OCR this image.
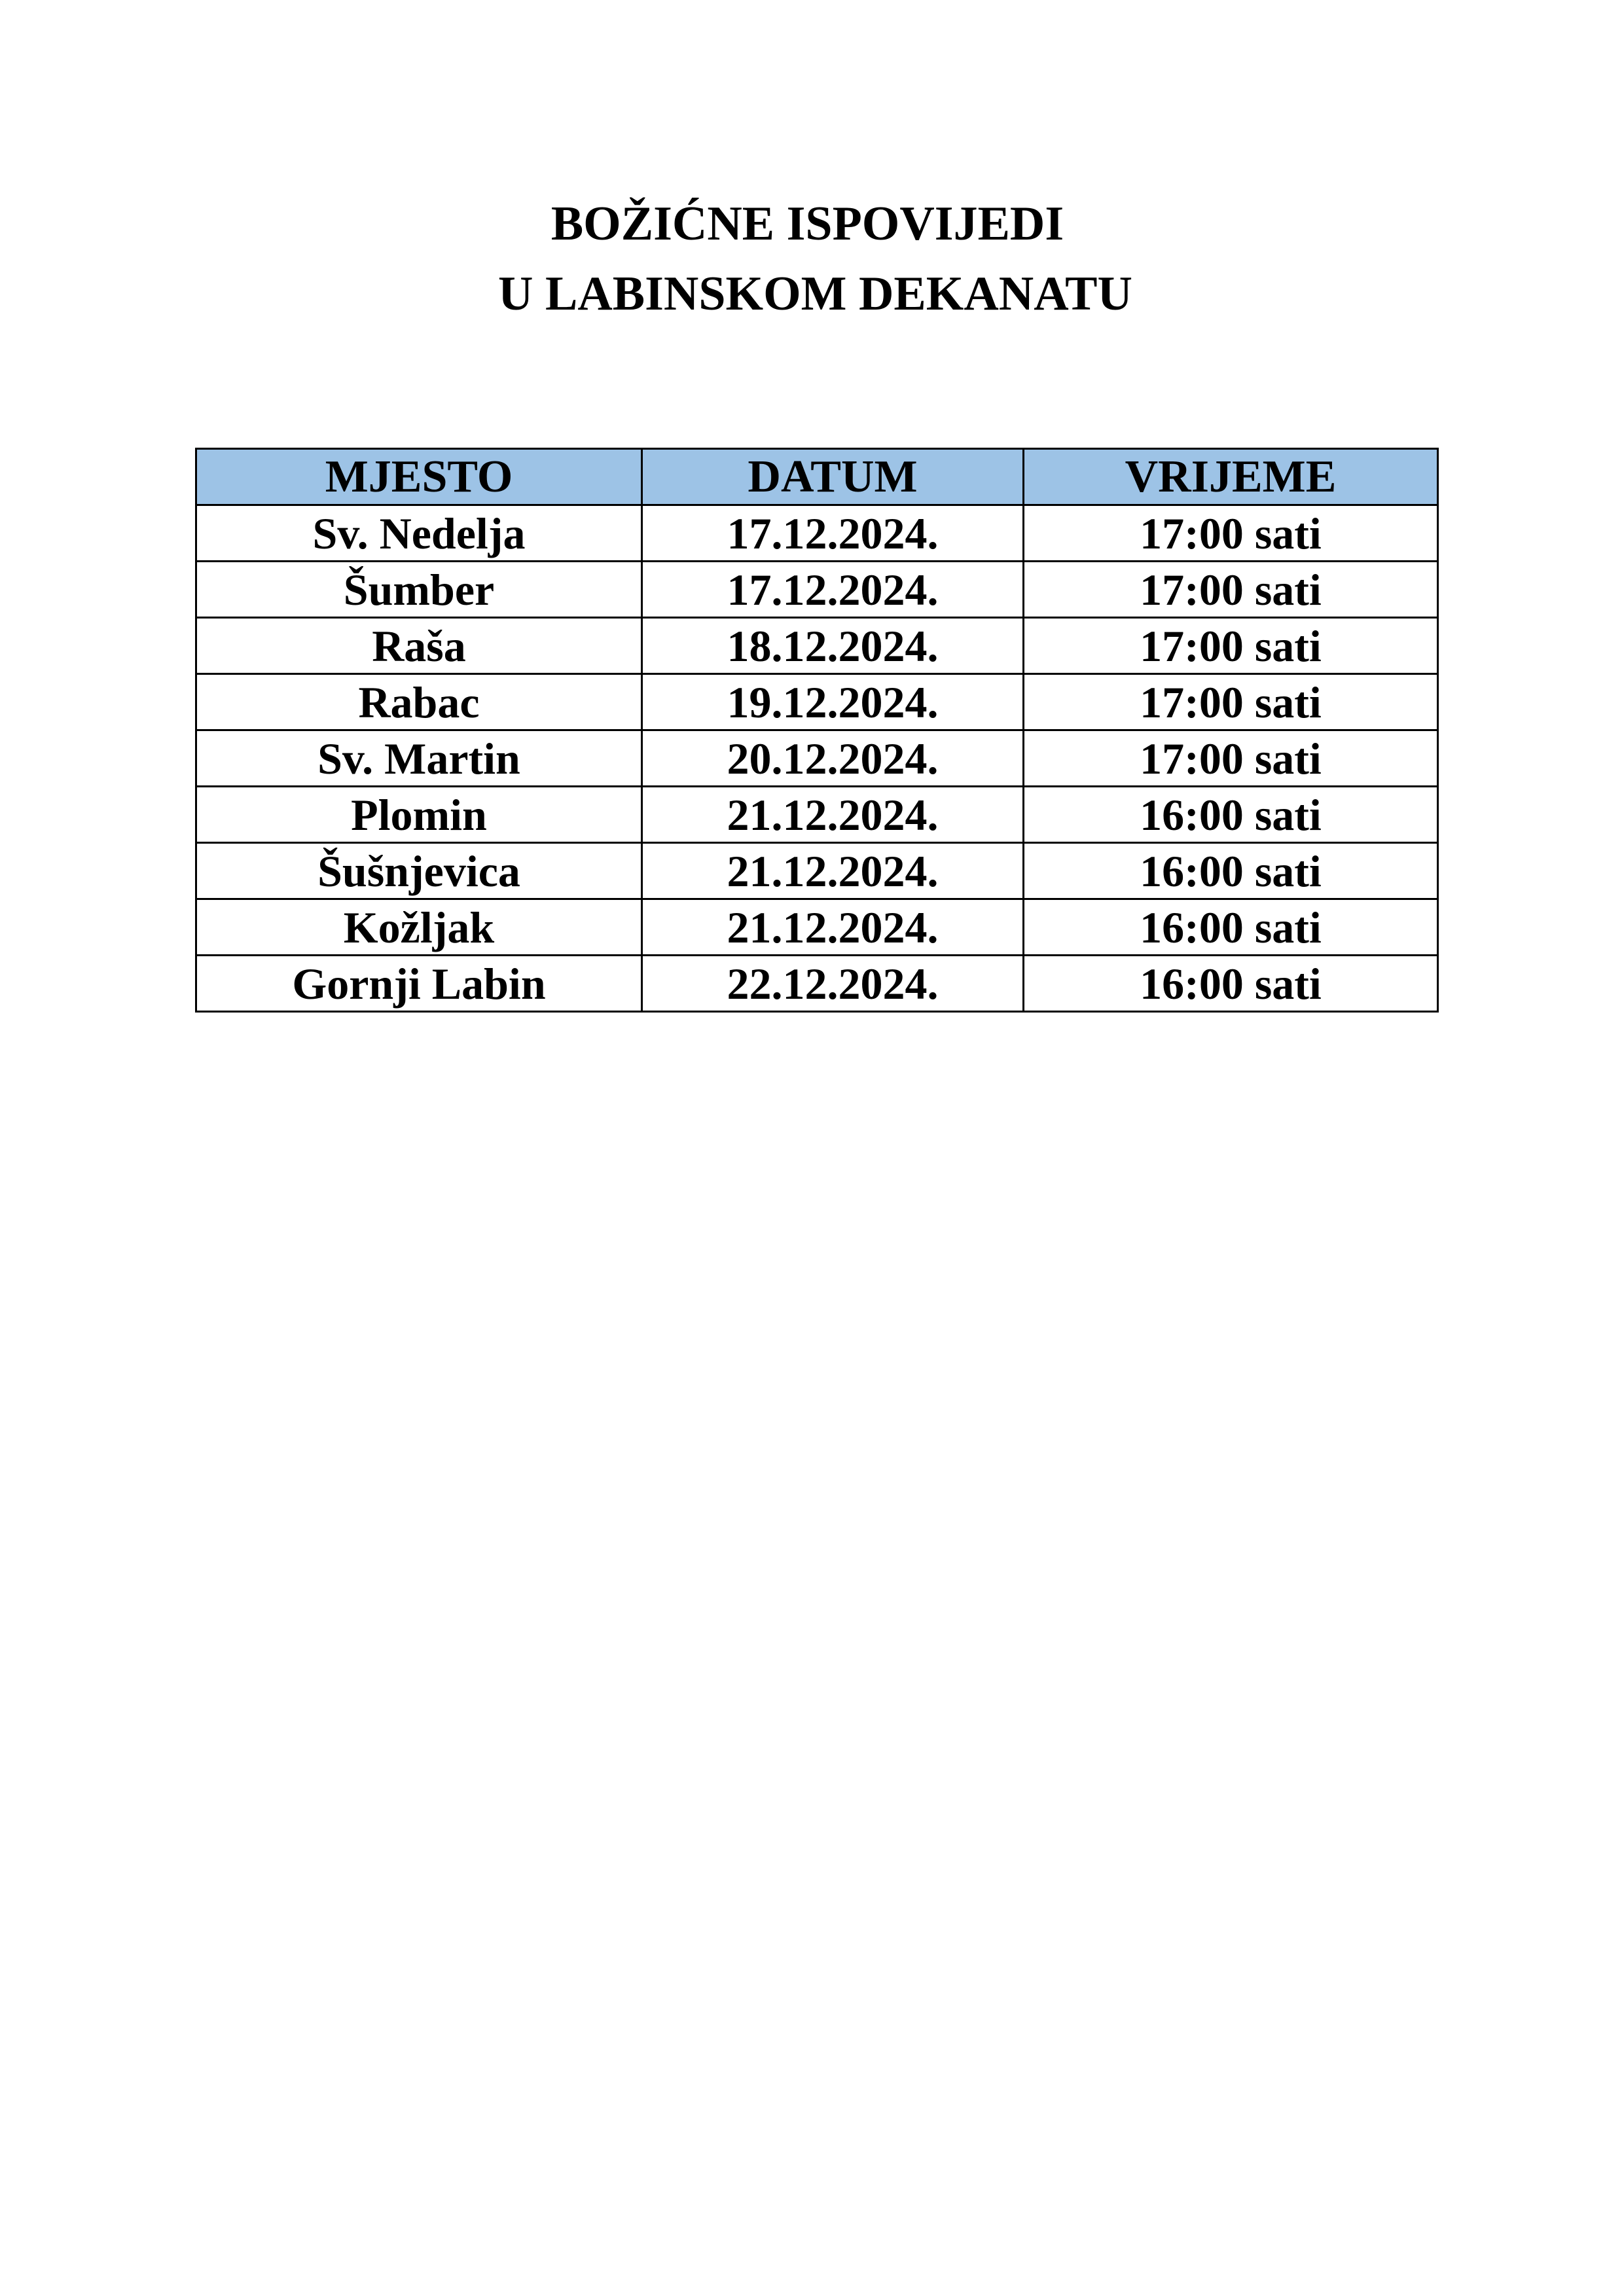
BOŽIĆNE ISPOVIJEDI
U LABINSKOM DEKANATU
MJESTO	DATUM	VRIJEME
Sv. Nedelja	17.12.2024.	17:00 sati
Šumber	17.12.2024.	17:00 sati
Raša	18.12.2024.	17:00 sati
Rabac	19.12.2024.	17:00 sati
Sv. Martin	20.12.2024.	17:00 sati
Plomin	21.12.2024.	16:00 sati
Šušnjevica	21.12.2024.	16:00 sati
Kožljak	21.12.2024.	16:00 sati
Gornji Labin	22.12.2024.	16:00 sati
